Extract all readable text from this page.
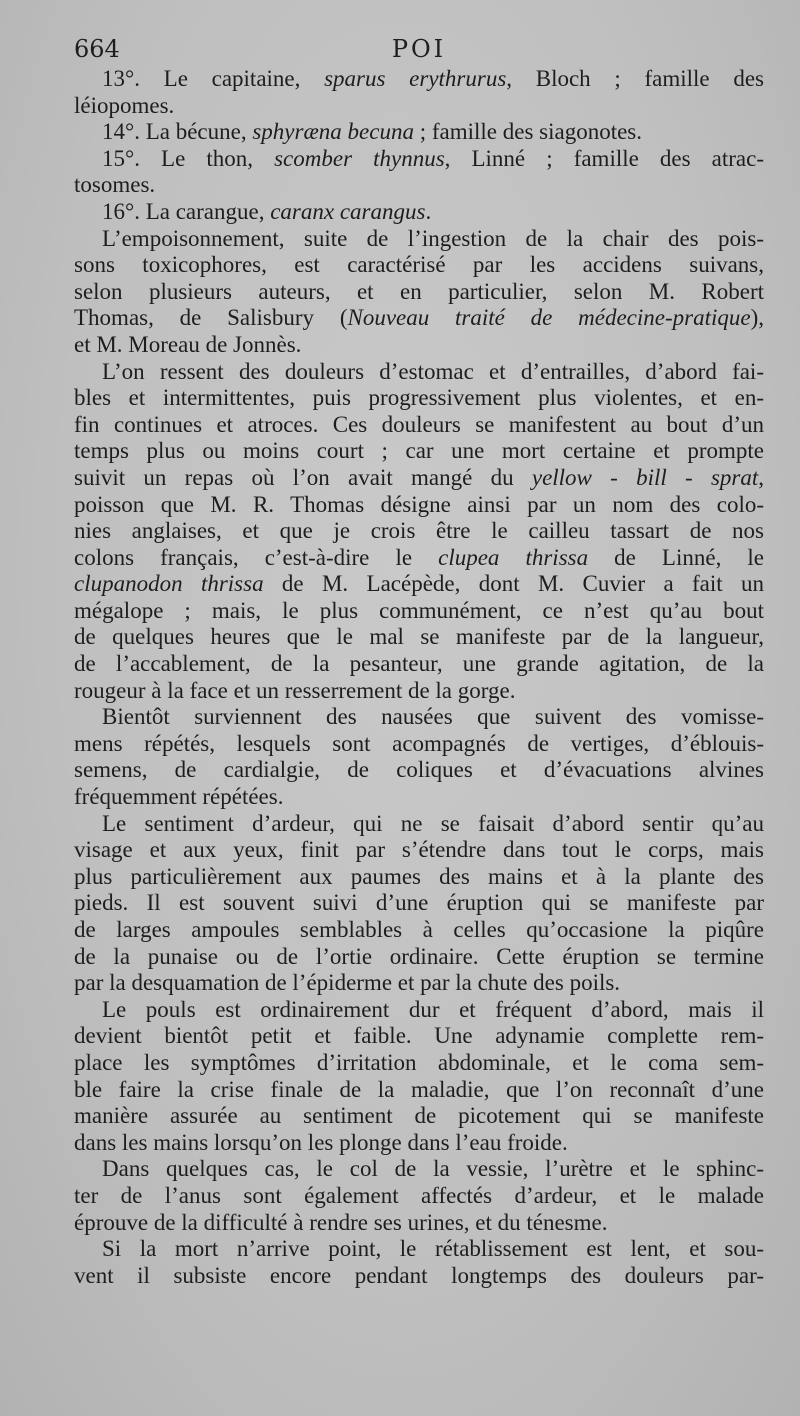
664	POI
13°. Le capitaine, sparus erythrurus, Bloch ; famille des
léiopomes.
14°. La bécune, sphyræna becuna ; famille des siagonotes.
15°. Le thon, scomber thynnus, Linné ; famille des atrac-
tosomes.
16°. La carangue, caranx carangus.
L’empoisonnement, suite de l’ingestion de la chair des pois-
sons toxicophores, est caractérisé par les accidens suivans,
selon plusieurs auteurs, et en particulier, selon M. Robert
Thomas, de Salisbury (Nouveau traité de médecine-pratique),
et M. Moreau de Jonnès.
L’on ressent des douleurs d’estomac et d’entrailles, d’abord fai-
bles et intermittentes, puis progressivement plus violentes, et en-
fin continues et atroces. Ces douleurs se manifestent au bout d’un
temps plus ou moins court ; car une mort certaine et prompte
suivit un repas où l’on avait mangé du yellow - bill - sprat,
poisson que M. R. Thomas désigne ainsi par un nom des colo-
nies anglaises, et que je crois être le cailleu tassart de nos
colons français, c’est-à-dire le clupea thrissa de Linné, le
clupanodon thrissa de M. Lacépède, dont M. Cuvier a fait un
mégalope ; mais, le plus communément, ce n’est qu’au bout
de quelques heures que le mal se manifeste par de la langueur,
de l’accablement, de la pesanteur, une grande agitation, de la
rougeur à la face et un resserrement de la gorge.
Bientôt surviennent des nausées que suivent des vomisse-
mens répétés, lesquels sont acompagnés de vertiges, d’éblouis-
semens, de cardialgie, de coliques et d’évacuations alvines
fréquemment répétées.
Le sentiment d’ardeur, qui ne se faisait d’abord sentir qu’au
visage et aux yeux, finit par s’étendre dans tout le corps, mais
plus particulièrement aux paumes des mains et à la plante des
pieds. Il est souvent suivi d’une éruption qui se manifeste par
de larges ampoules semblables à celles qu’occasione la piqûre
de la punaise ou de l’ortie ordinaire. Cette éruption se termine
par la desquamation de l’épiderme et par la chute des poils.
Le pouls est ordinairement dur et fréquent d’abord, mais il
devient bientôt petit et faible. Une adynamie complette rem-
place les symptômes d’irritation abdominale, et le coma sem-
ble faire la crise finale de la maladie, que l’on reconnaît d’une
manière assurée au sentiment de picotement qui se manifeste
dans les mains lorsqu’on les plonge dans l’eau froide.
Dans quelques cas, le col de la vessie, l’urètre et le sphinc-
ter de l’anus sont également affectés d’ardeur, et le malade
éprouve de la difficulté à rendre ses urines, et du ténesme.
Si la mort n’arrive point, le rétablissement est lent, et sou-
vent il subsiste encore pendant longtemps des douleurs par-
